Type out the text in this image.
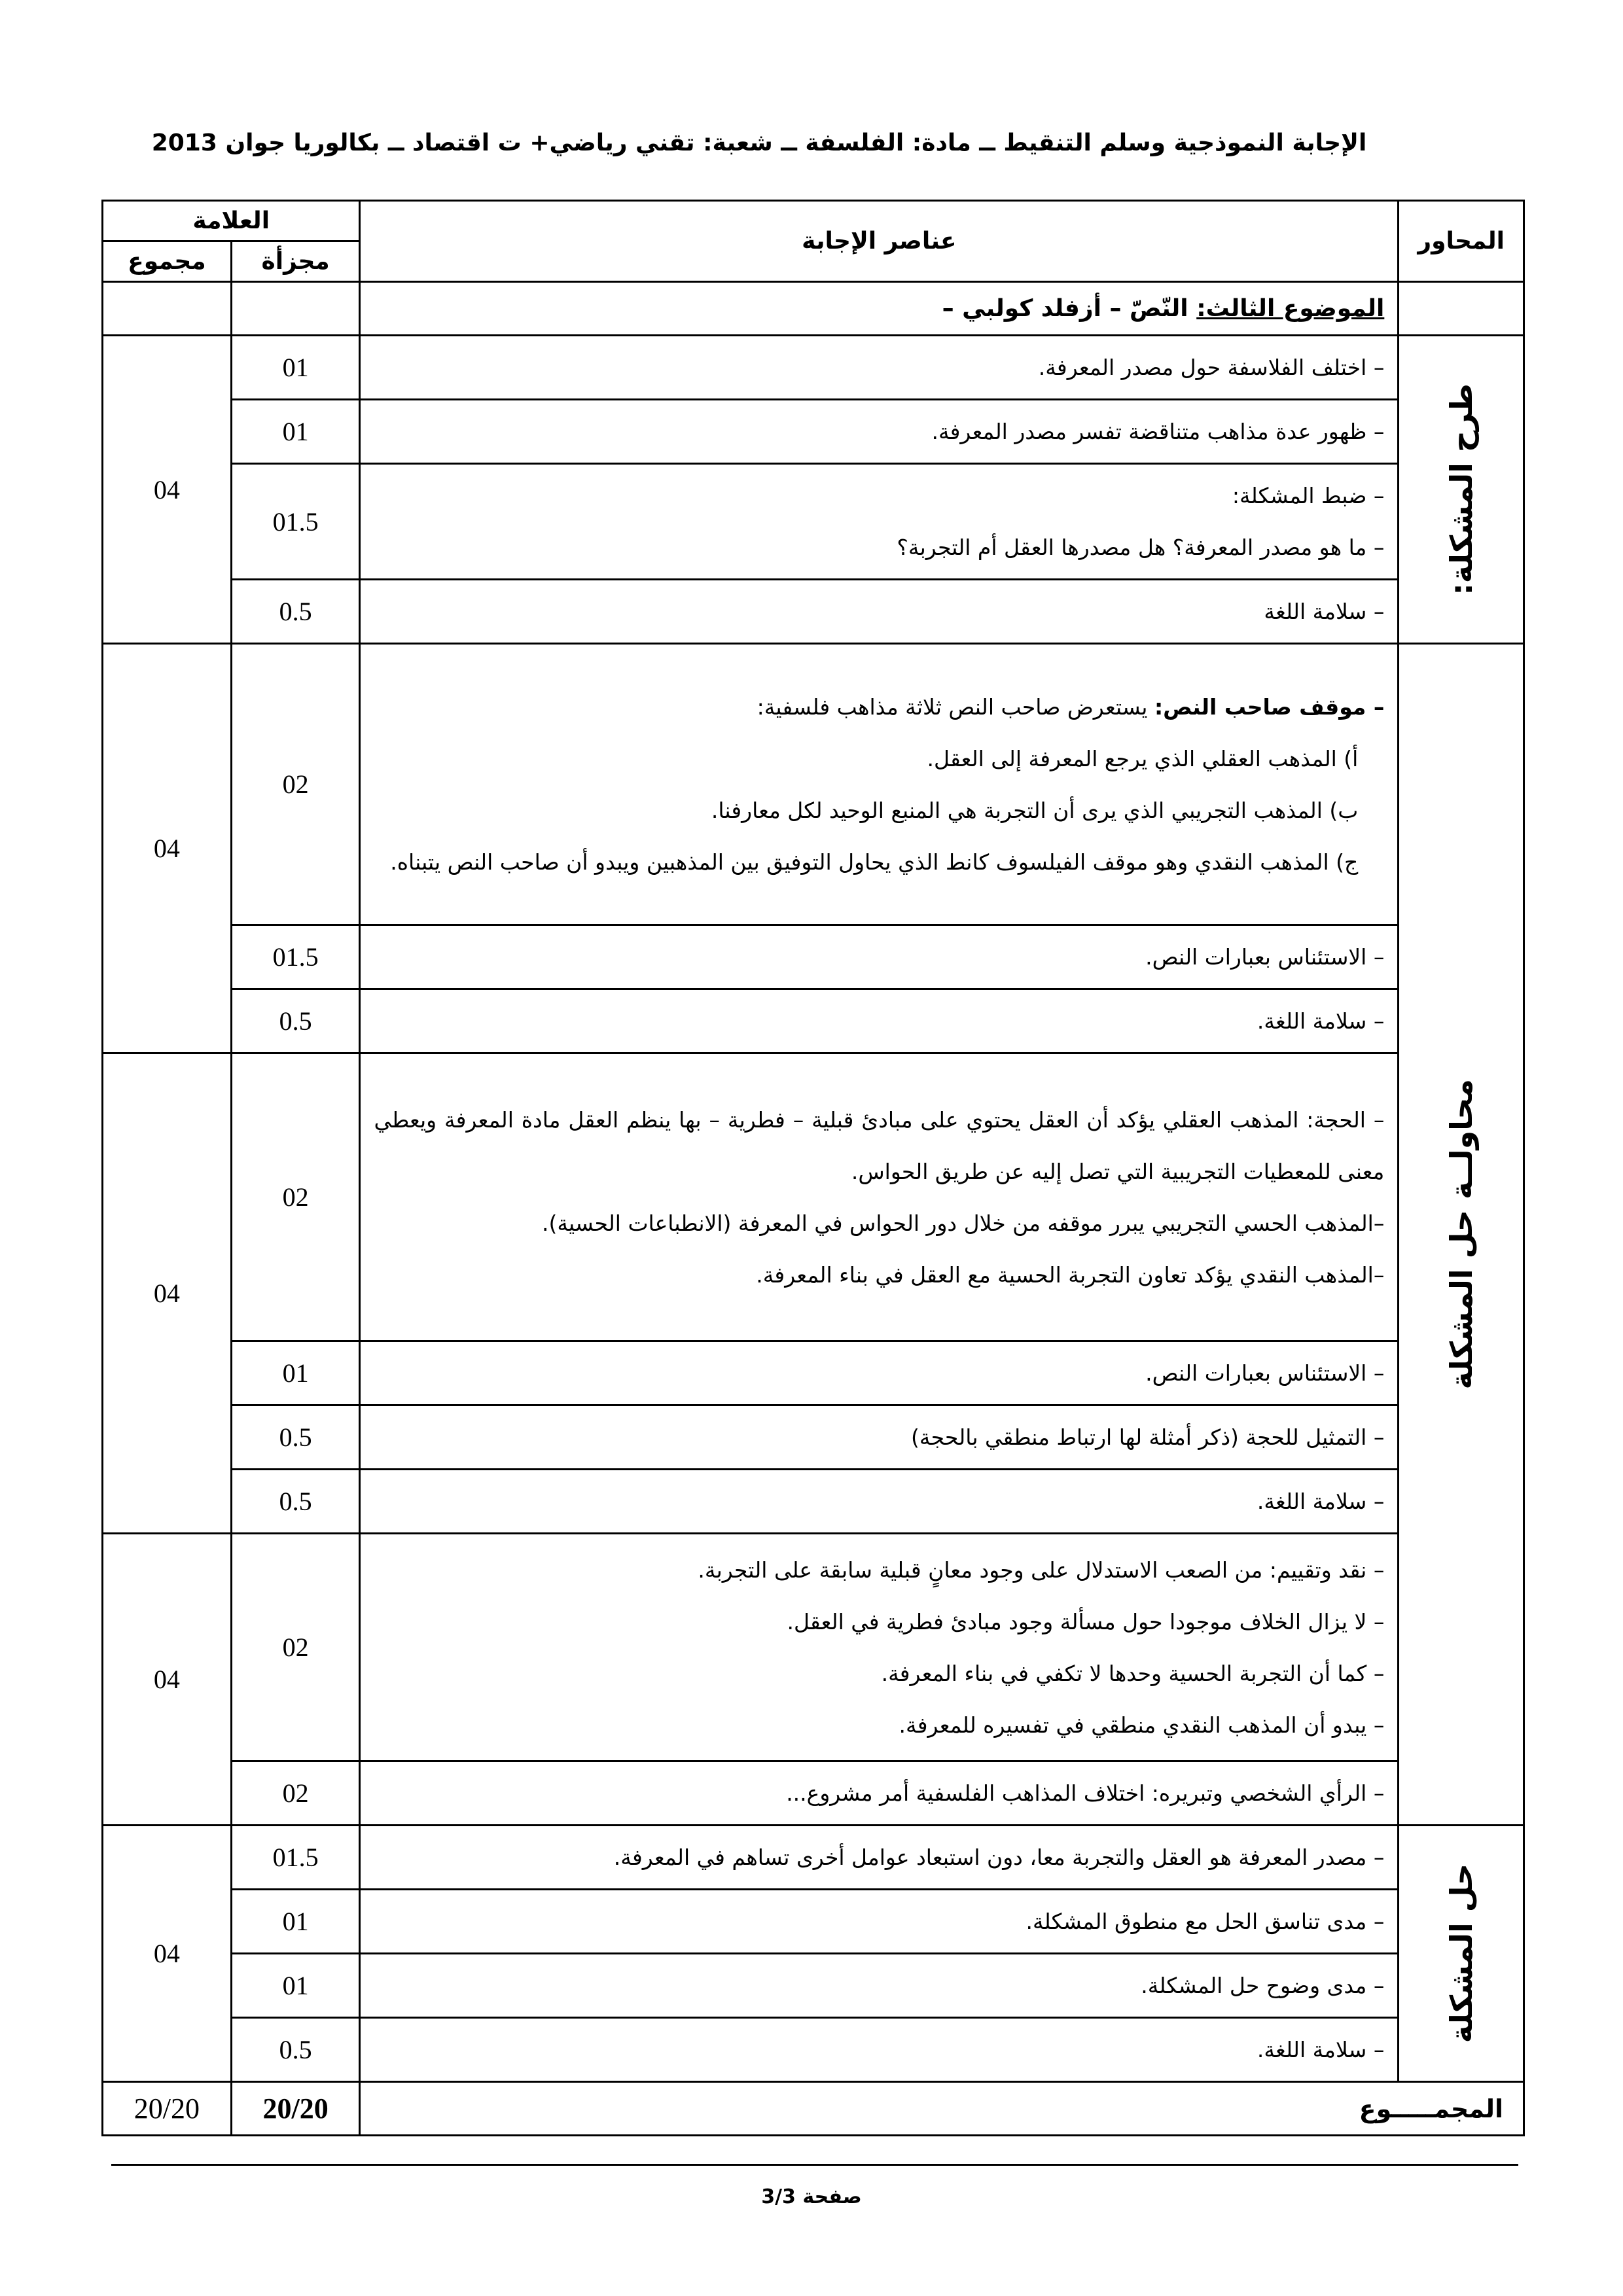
الإجابة النموذجية وسلم التنقيط ــ مادة: الفلسفة ــ شعبة: تقني رياضي+ ت اقتصاد ــ بكالوريا جوان 2013
المحاور	عناصر الإجابة	العلامة	
		مجزأة	مجموع
	الموضوع الثالث: النّصّ – أزفلد كولبي –		

طرح المشكلة:	– اختلف الفلاسفة حول مصدر المعرفة.	01	04

	– ظهور عدة مذاهب متناقضة تفسر مصدر المعرفة.	01	

	– ضبط المشكلة:
– ما هو مصدر المعرفة؟ هل مصدرها العقل أم التجربة؟	01.5	

	– سلامة اللغة	0.5	

محاولــة حل المشكلة	– موقف صاحب النص: يستعرض صاحب النص ثلاثة مذاهب فلسفية:
أ) المذهب العقلي الذي يرجع المعرفة إلى العقل.
ب) المذهب التجريبي الذي يرى أن التجربة هي المنبع الوحيد لكل معارفنا.
ج) المذهب النقدي وهو موقف الفيلسوف كانط الذي يحاول التوفيق بين المذهبين ويبدو أن صاحب النص يتبناه.	02	04

	– الاستئناس بعبارات النص.	01.5	

	– سلامة اللغة.	0.5	

	– الحجة: المذهب العقلي يؤكد أن العقل يحتوي على مبادئ قبلية – فطرية – بها ينظم العقل مادة المعرفة ويعطي معنى للمعطيات التجريبية التي تصل إليه عن طريق الحواس.
–المذهب الحسي التجريبي يبرر موقفه من خلال دور الحواس في المعرفة (الانطباعات الحسية).
–المذهب النقدي يؤكد تعاون التجربة الحسية مع العقل في بناء المعرفة.	02	04

	– الاستئناس بعبارات النص.	01	

	– التمثيل للحجة (ذكر أمثلة لها ارتباط منطقي بالحجة)	0.5	

	– سلامة اللغة.	0.5	

	– نقد وتقييم: من الصعب الاستدلال على وجود معانٍ قبلية سابقة على التجربة.
– لا يزال الخلاف موجودا حول مسألة وجود مبادئ فطرية في العقل.
– كما أن التجربة الحسية وحدها لا تكفي في بناء المعرفة.
– يبدو أن المذهب النقدي منطقي في تفسيره للمعرفة.	02	04

	– الرأي الشخصي وتبريره: اختلاف المذاهب الفلسفية أمر مشروع...	02	

حل المشكلة	– مصدر المعرفة هو العقل والتجربة معا، دون استبعاد عوامل أخرى تساهم في المعرفة.	01.5	04

	– مدى تناسق الحل مع منطوق المشكلة.	01	

	– مدى وضوح حل المشكلة.	01	

	– سلامة اللغة.	0.5	
المجمـــــوع		20/20	20/20
صفحة 3/3
